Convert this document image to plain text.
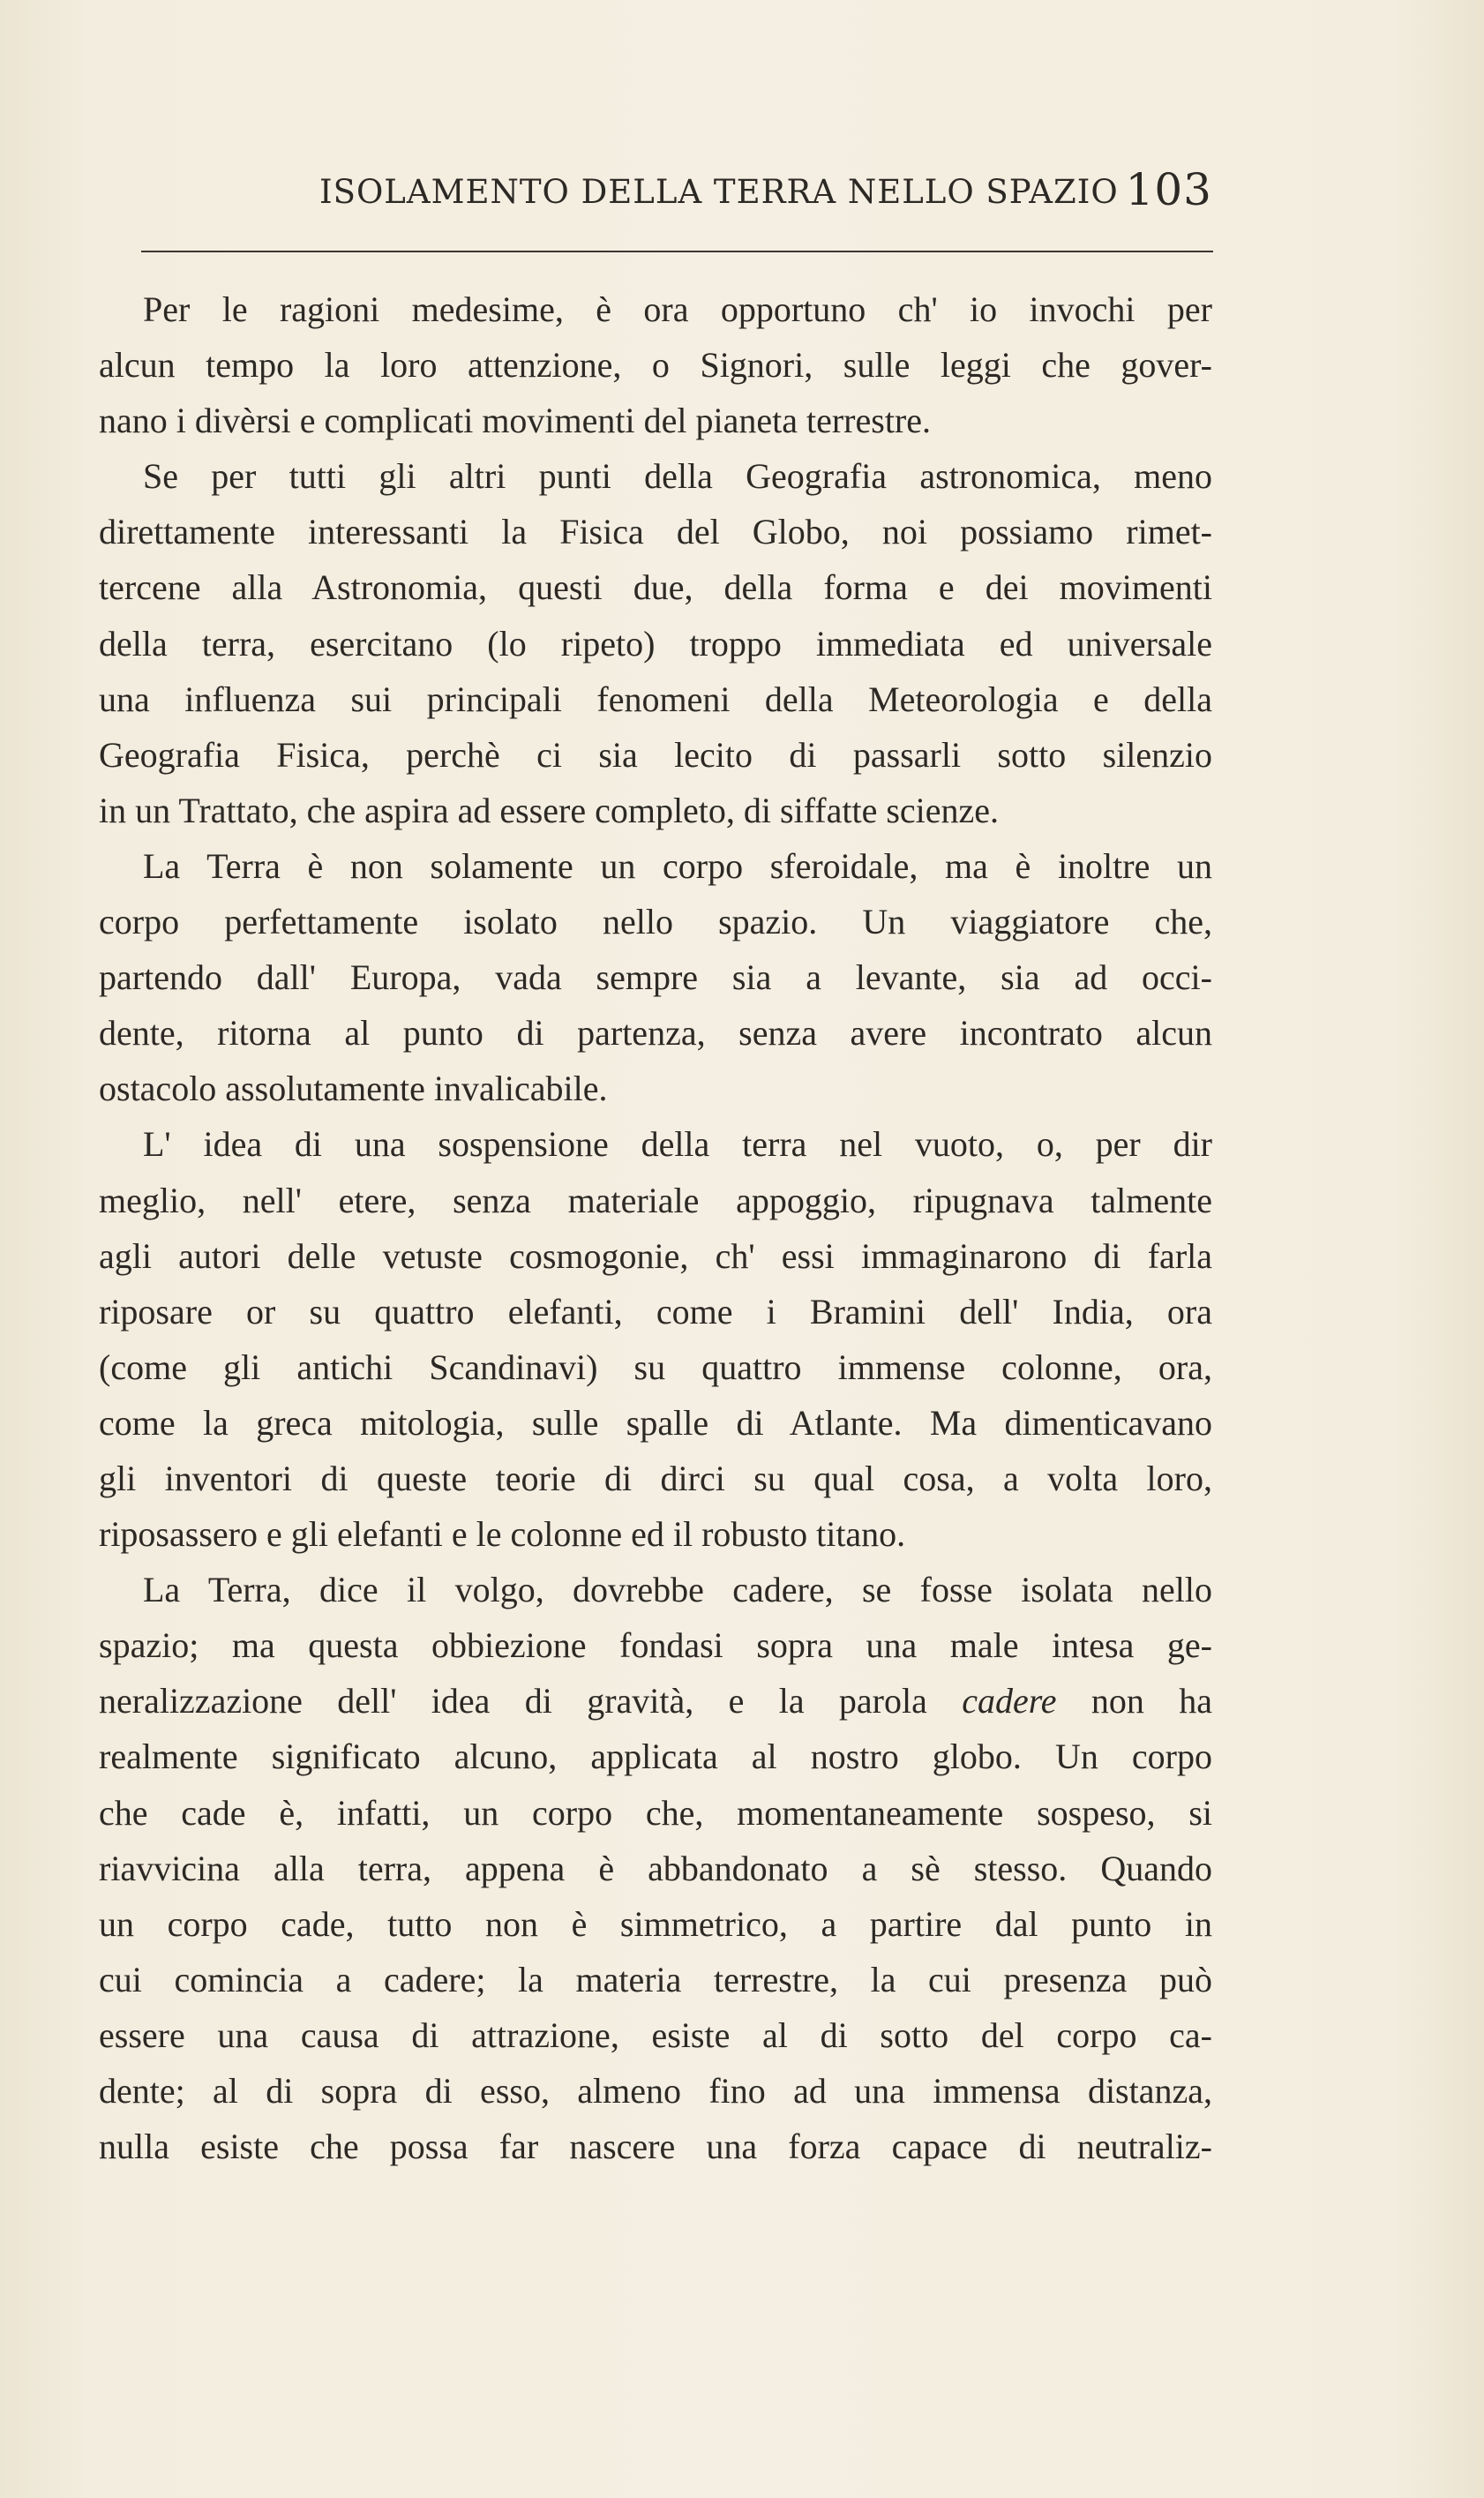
ISOLAMENTO DELLA TERRA NELLO SPAZIO 103
Per le ragioni medesime, è ora opportuno ch' io invochi per
alcun tempo la loro attenzione, o Signori, sulle leggi che gover-
nano i divèrsi e complicati movimenti del pianeta terrestre.
Se per tutti gli altri punti della Geografia astronomica, meno
direttamente interessanti la Fisica del Globo, noi possiamo rimet-
tercene alla Astronomia, questi due, della forma e dei movimenti
della terra, esercitano (lo ripeto) troppo immediata ed universale
una influenza sui principali fenomeni della Meteorologia e della
Geografia Fisica, perchè ci sia lecito di passarli sotto silenzio
in un Trattato, che aspira ad essere completo, di siffatte scienze.
La Terra è non solamente un corpo sferoidale, ma è inoltre un
corpo perfettamente isolato nello spazio. Un viaggiatore che,
partendo dall' Europa, vada sempre sia a levante, sia ad occi-
dente, ritorna al punto di partenza, senza avere incontrato alcun
ostacolo assolutamente invalicabile.
L' idea di una sospensione della terra nel vuoto, o, per dir
meglio, nell' etere, senza materiale appoggio, ripugnava talmente
agli autori delle vetuste cosmogonie, ch' essi immaginarono di farla
riposare or su quattro elefanti, come i Bramini dell' India, ora
(come gli antichi Scandinavi) su quattro immense colonne, ora,
come la greca mitologia, sulle spalle di Atlante. Ma dimenticavano
gli inventori di queste teorie di dirci su qual cosa, a volta loro,
riposassero e gli elefanti e le colonne ed il robusto titano.
La Terra, dice il volgo, dovrebbe cadere, se fosse isolata nello
spazio; ma questa obbiezione fondasi sopra una male intesa ge-
neralizzazione dell' idea di gravità, e la parola cadere non ha
realmente significato alcuno, applicata al nostro globo. Un corpo
che cade è, infatti, un corpo che, momentaneamente sospeso, si
riavvicina alla terra, appena è abbandonato a sè stesso. Quando
un corpo cade, tutto non è simmetrico, a partire dal punto in
cui comincia a cadere; la materia terrestre, la cui presenza può
essere una causa di attrazione, esiste al di sotto del corpo ca-
dente; al di sopra di esso, almeno fino ad una immensa distanza,
nulla esiste che possa far nascere una forza capace di neutraliz-
